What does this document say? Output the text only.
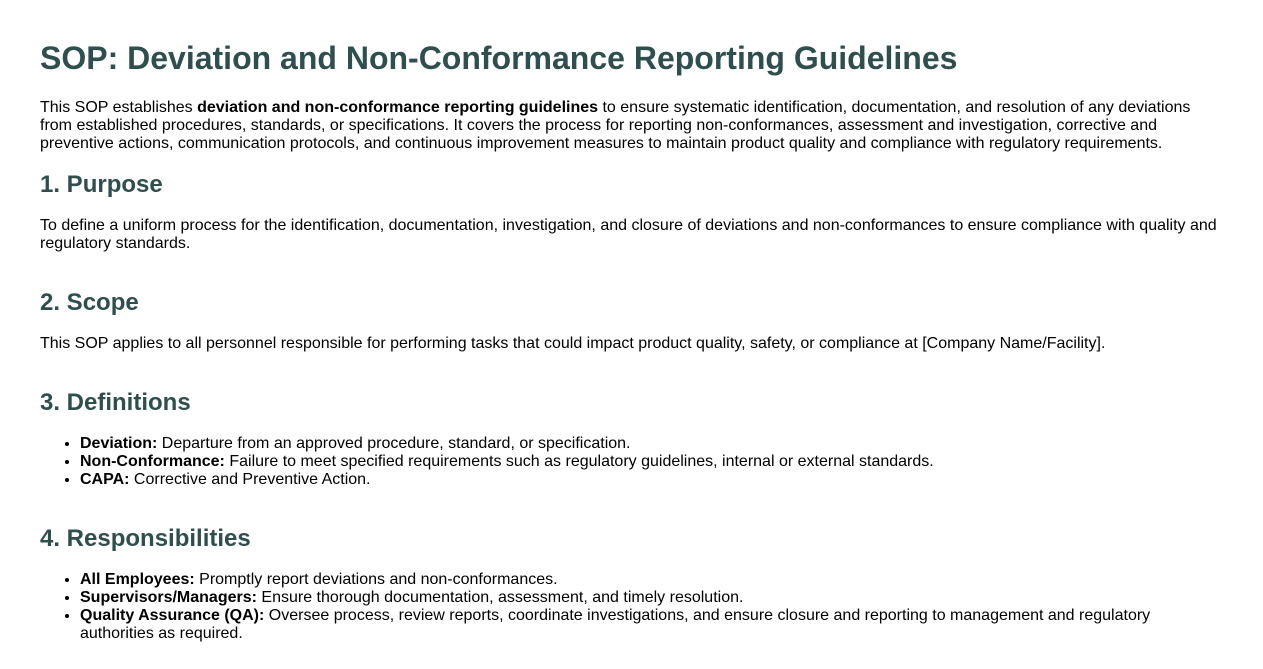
SOP: Deviation and Non-Conformance Reporting Guidelines

This SOP establishes deviation and non-conformance reporting guidelines to ensure systematic identification, documentation, and resolution of any deviations from established procedures, standards, or specifications. It covers the process for reporting non-conformances, assessment and investigation, corrective and preventive actions, communication protocols, and continuous improvement measures to maintain product quality and compliance with regulatory requirements.

1. Purpose

To define a uniform process for the identification, documentation, investigation, and closure of deviations and non-conformances to ensure compliance with quality and regulatory standards.

2. Scope

This SOP applies to all personnel responsible for performing tasks that could impact product quality, safety, or compliance at [Company Name/Facility].

3. Definitions
• Deviation: Departure from an approved procedure, standard, or specification.
• Non-Conformance: Failure to meet specified requirements such as regulatory guidelines, internal or external standards.
• CAPA: Corrective and Preventive Action.
4. Responsibilities
• All Employees: Promptly report deviations and non-conformances.
• Supervisors/Managers: Ensure thorough documentation, assessment, and timely resolution.
• Quality Assurance (QA): Oversee process, review reports, coordinate investigations, and ensure closure and reporting to management and regulatory authorities as required.
